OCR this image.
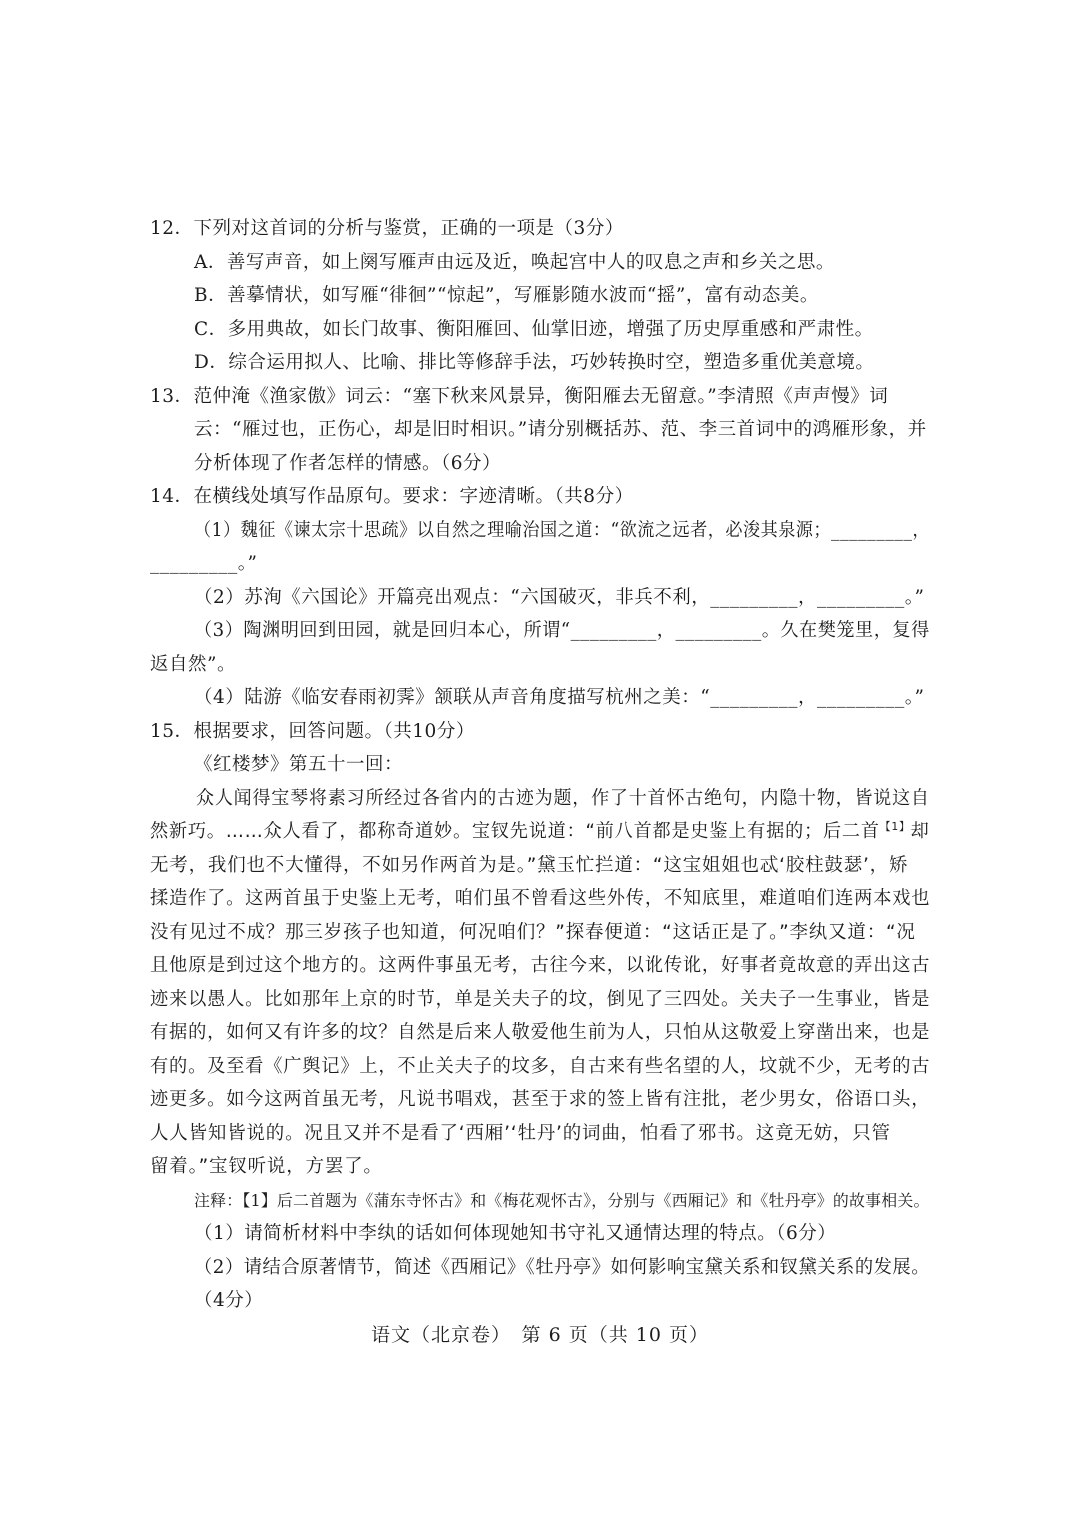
12．下列对这首词的分析与鉴赏，正确的一项是（3分）
A．善写声音，如上阕写雁声由远及近，唤起宫中人的叹息之声和乡关之思。
B．善摹情状，如写雁“徘徊”“惊起”，写雁影随水波而“摇”，富有动态美。
C．多用典故，如长门故事、衡阳雁回、仙掌旧迹，增强了历史厚重感和严肃性。
D．综合运用拟人、比喻、排比等修辞手法，巧妙转换时空，塑造多重优美意境。
13．范仲淹《渔家傲》词云：“塞下秋来风景异，衡阳雁去无留意。”李清照《声声慢》词
云：“雁过也，正伤心，却是旧时相识。”请分别概括苏、范、李三首词中的鸿雁形象，并
分析体现了作者怎样的情感。（6分）
14．在横线处填写作品原句。要求：字迹清晰。（共8分）
（1）魏征《谏太宗十思疏》以自然之理喻治国之道：“欲流之远者，必浚其泉源；_________，
_________。”
（2）苏洵《六国论》开篇亮出观点：“六国破灭，非兵不利，_________，_________。”
（3）陶渊明回到田园，就是回归本心，所谓“_________，_________。久在樊笼里，复得
返自然”。
（4）陆游《临安春雨初霁》颔联从声音角度描写杭州之美：“_________，_________。”
15．根据要求，回答问题。（共10分）
《红楼梦》第五十一回：
众人闻得宝琴将素习所经过各省内的古迹为题，作了十首怀古绝句，内隐十物，皆说这自
然新巧。……众人看了，都称奇道妙。宝钗先说道：“前八首都是史鉴上有据的；后二首$^{【1】}$却
无考，我们也不大懂得，不如另作两首为是。”黛玉忙拦道：“这宝姐姐也忒‘胶柱鼓瑟’，矫
揉造作了。这两首虽于史鉴上无考，咱们虽不曾看这些外传，不知底里，难道咱们连两本戏也
没有见过不成？那三岁孩子也知道，何况咱们？”探春便道：“这话正是了。”李纨又道：“况
且他原是到过这个地方的。这两件事虽无考，古往今来，以讹传讹，好事者竟故意的弄出这古
迹来以愚人。比如那年上京的时节，单是关夫子的坟，倒见了三四处。关夫子一生事业，皆是
有据的，如何又有许多的坟？自然是后来人敬爱他生前为人，只怕从这敬爱上穿凿出来，也是
有的。及至看《广舆记》上，不止关夫子的坟多，自古来有些名望的人，坟就不少，无考的古
迹更多。如今这两首虽无考，凡说书唱戏，甚至于求的签上皆有注批，老少男女，俗语口头，
人人皆知皆说的。况且又并不是看了‘西厢’‘牡丹’的词曲，怕看了邪书。这竟无妨，只管
留着。”宝钗听说，方罢了。
注释：【1】后二首题为《蒲东寺怀古》和《梅花观怀古》，分别与《西厢记》和《牡丹亭》的故事相关。
（1）请简析材料中李纨的话如何体现她知书守礼又通情达理的特点。（6分）
（2）请结合原著情节，简述《西厢记》《牡丹亭》如何影响宝黛关系和钗黛关系的发展。
（4分）
语文（北京卷）　第 6 页（共 10 页）
